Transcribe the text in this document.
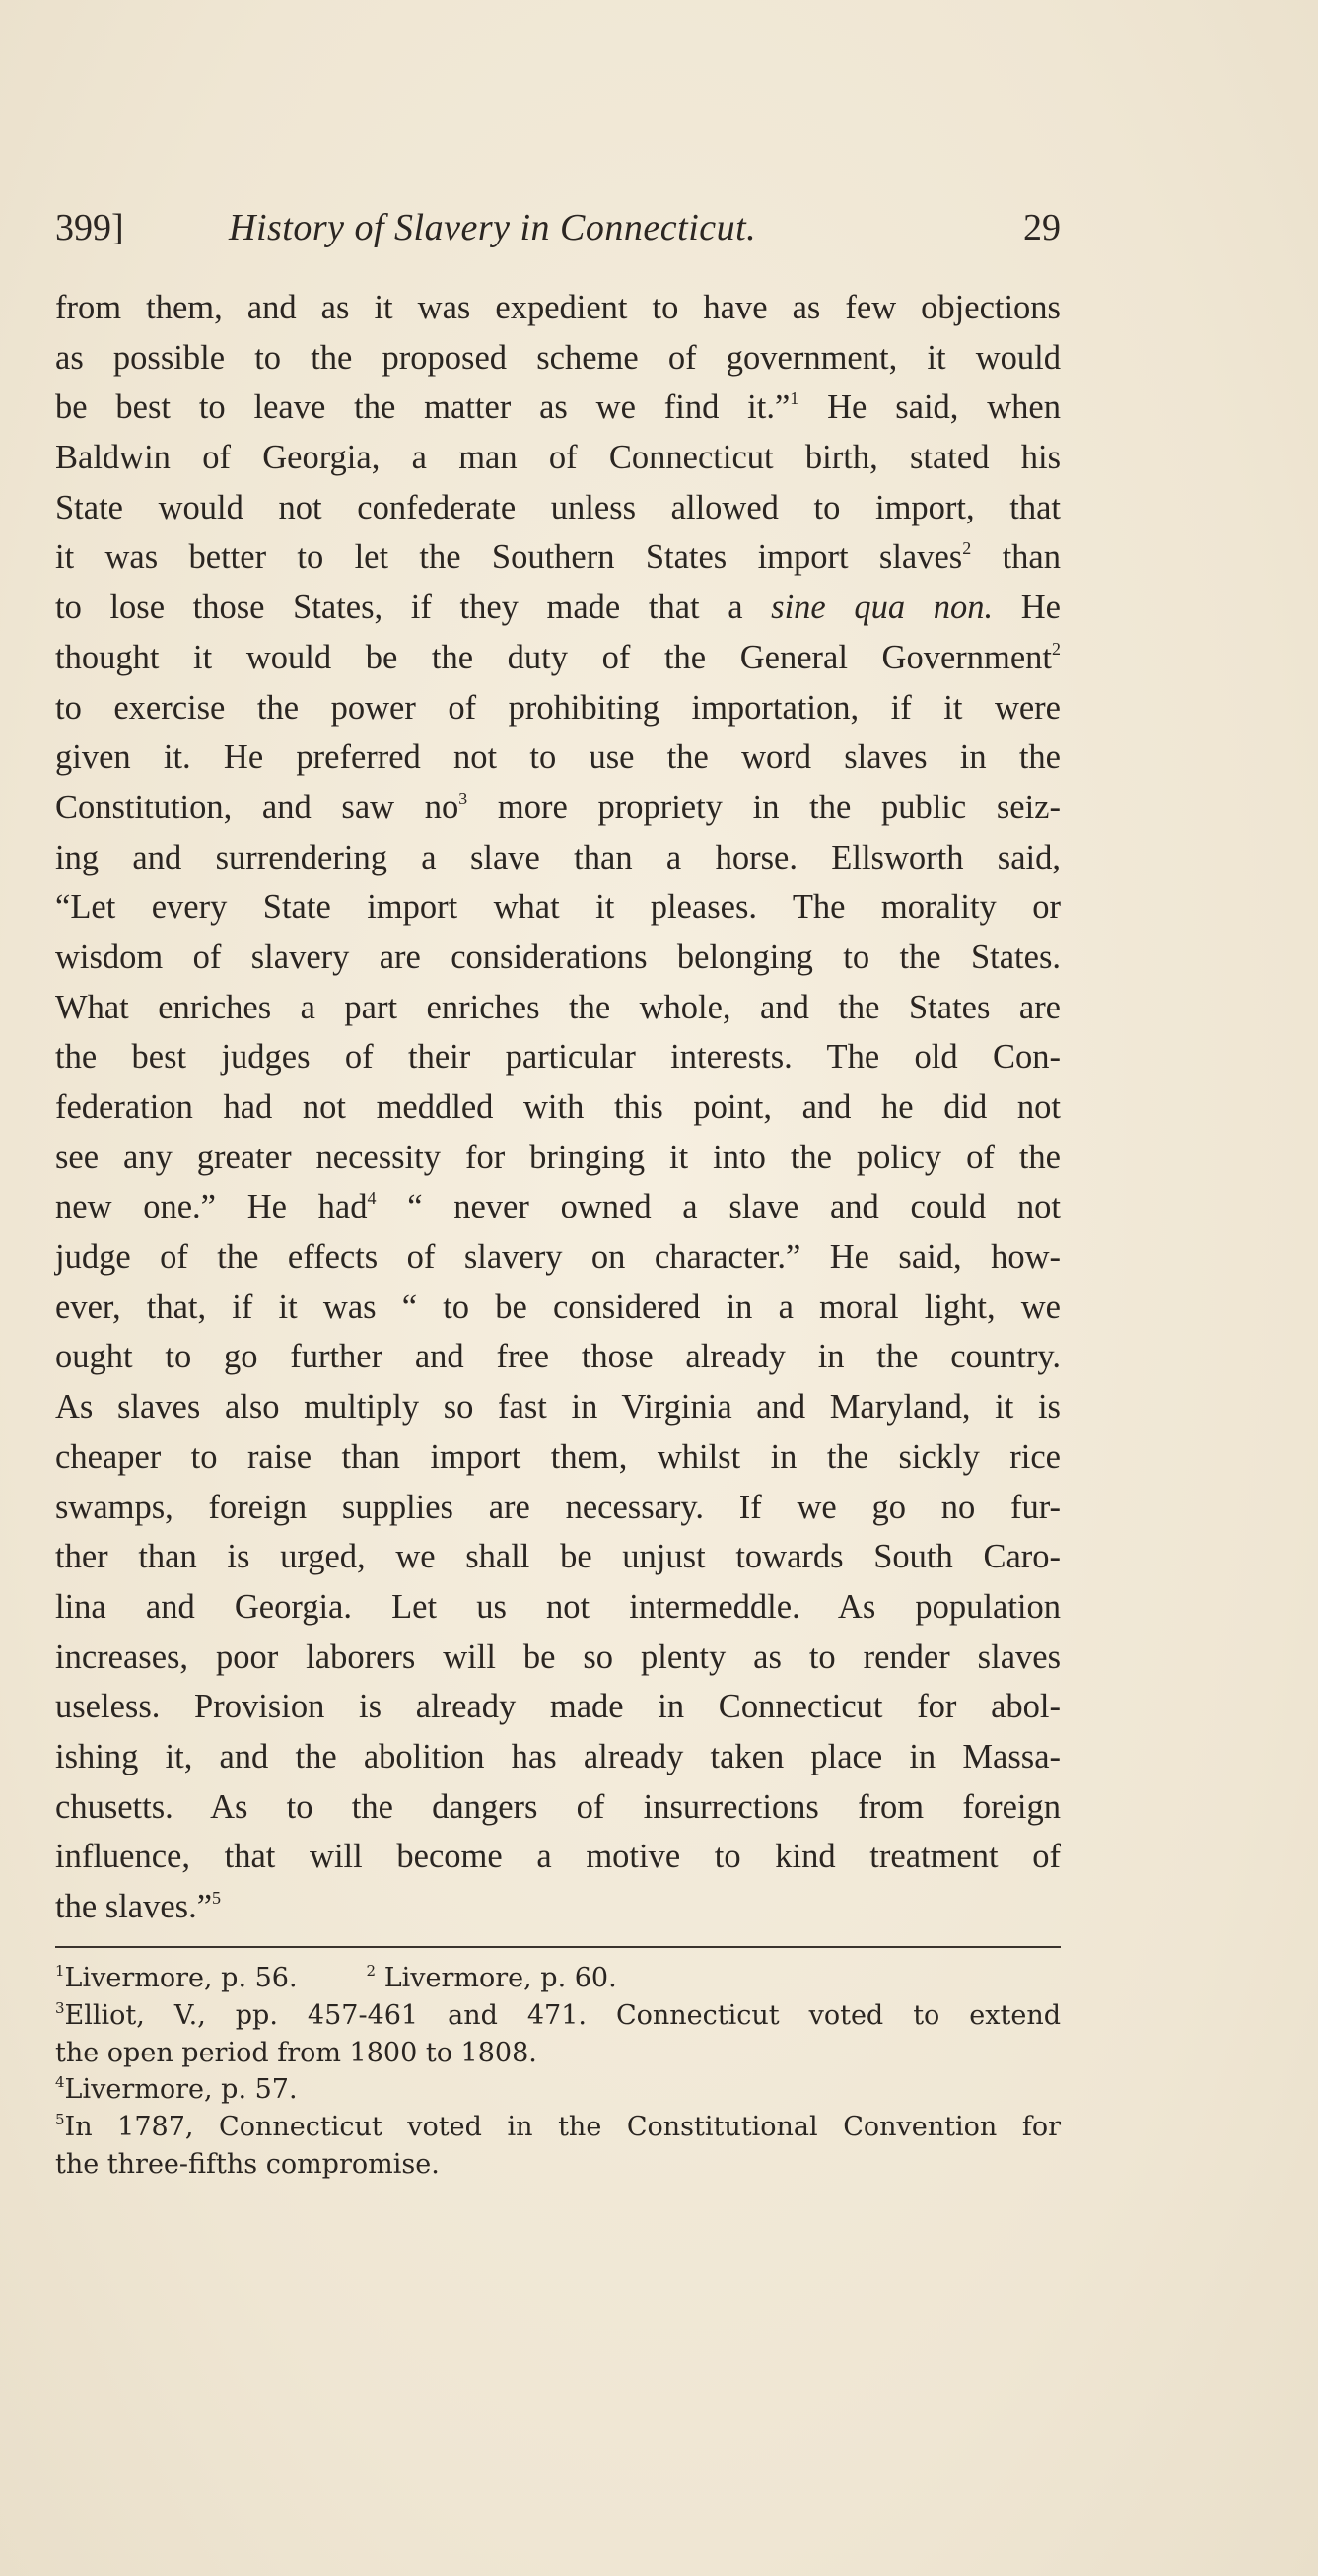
399]	History of Slavery in Connecticut.	29
from them, and as it was expedient to have as few objections
as possible to the proposed scheme of government, it would
be best to leave the matter as we find it.”$^1$ He said, when
Baldwin of Georgia, a man of Connecticut birth, stated his
State would not confederate unless allowed to import, that
it was better to let the Southern States import slaves$^2$ than
to lose those States, if they made that a sine qua non. He
thought it would be the duty of the General Government$^2$
to exercise the power of prohibiting importation, if it were
given it. He preferred not to use the word slaves in the
Constitution, and saw $no^3$ more propriety in the public seiz-
ing and surrendering a slave than a horse. Ellsworth said,
“Let every State import what it pleases. The morality or
wisdom of slavery are considerations belonging to the States.
What enriches a part enriches the whole, and the States are
the best judges of their particular interests. The old Con-
federation had not meddled with this point, and he did not
see any greater necessity for bringing it into the policy of the
new one.” He had$^4$ “ never owned a slave and could not
judge of the effects of slavery on character.” He said, how-
ever, that, if it was “ to be considered in a moral light, we
ought to go further and free those already in the country.
As slaves also multiply so fast in Virginia and Maryland, it is
cheaper to raise than import them, whilst in the sickly rice
swamps, foreign supplies are necessary. If we go no fur-
ther than is urged, we shall be unjust towards South Caro-
lina and Georgia. Let us not intermeddle. As population
increases, poor laborers will be so plenty as to render slaves
useless. Provision is already made in Connecticut for abol-
ishing it, and the abolition has already taken place in Massa-
chusetts. As to the dangers of insurrections from foreign
influence, that will become a motive to kind treatment of
the slaves.”$^5$
$^1$Livermore, p. 56.	$^2$ Livermore, p. 60.
$^3$Elliot, V., pp. 457-461 and 471. Connecticut voted to extend
the open period from 1800 to 1808.
$^4$Livermore, p. 57.
$^5$In 1787, Connecticut voted in the Constitutional Convention for
the three-fifths compromise.
